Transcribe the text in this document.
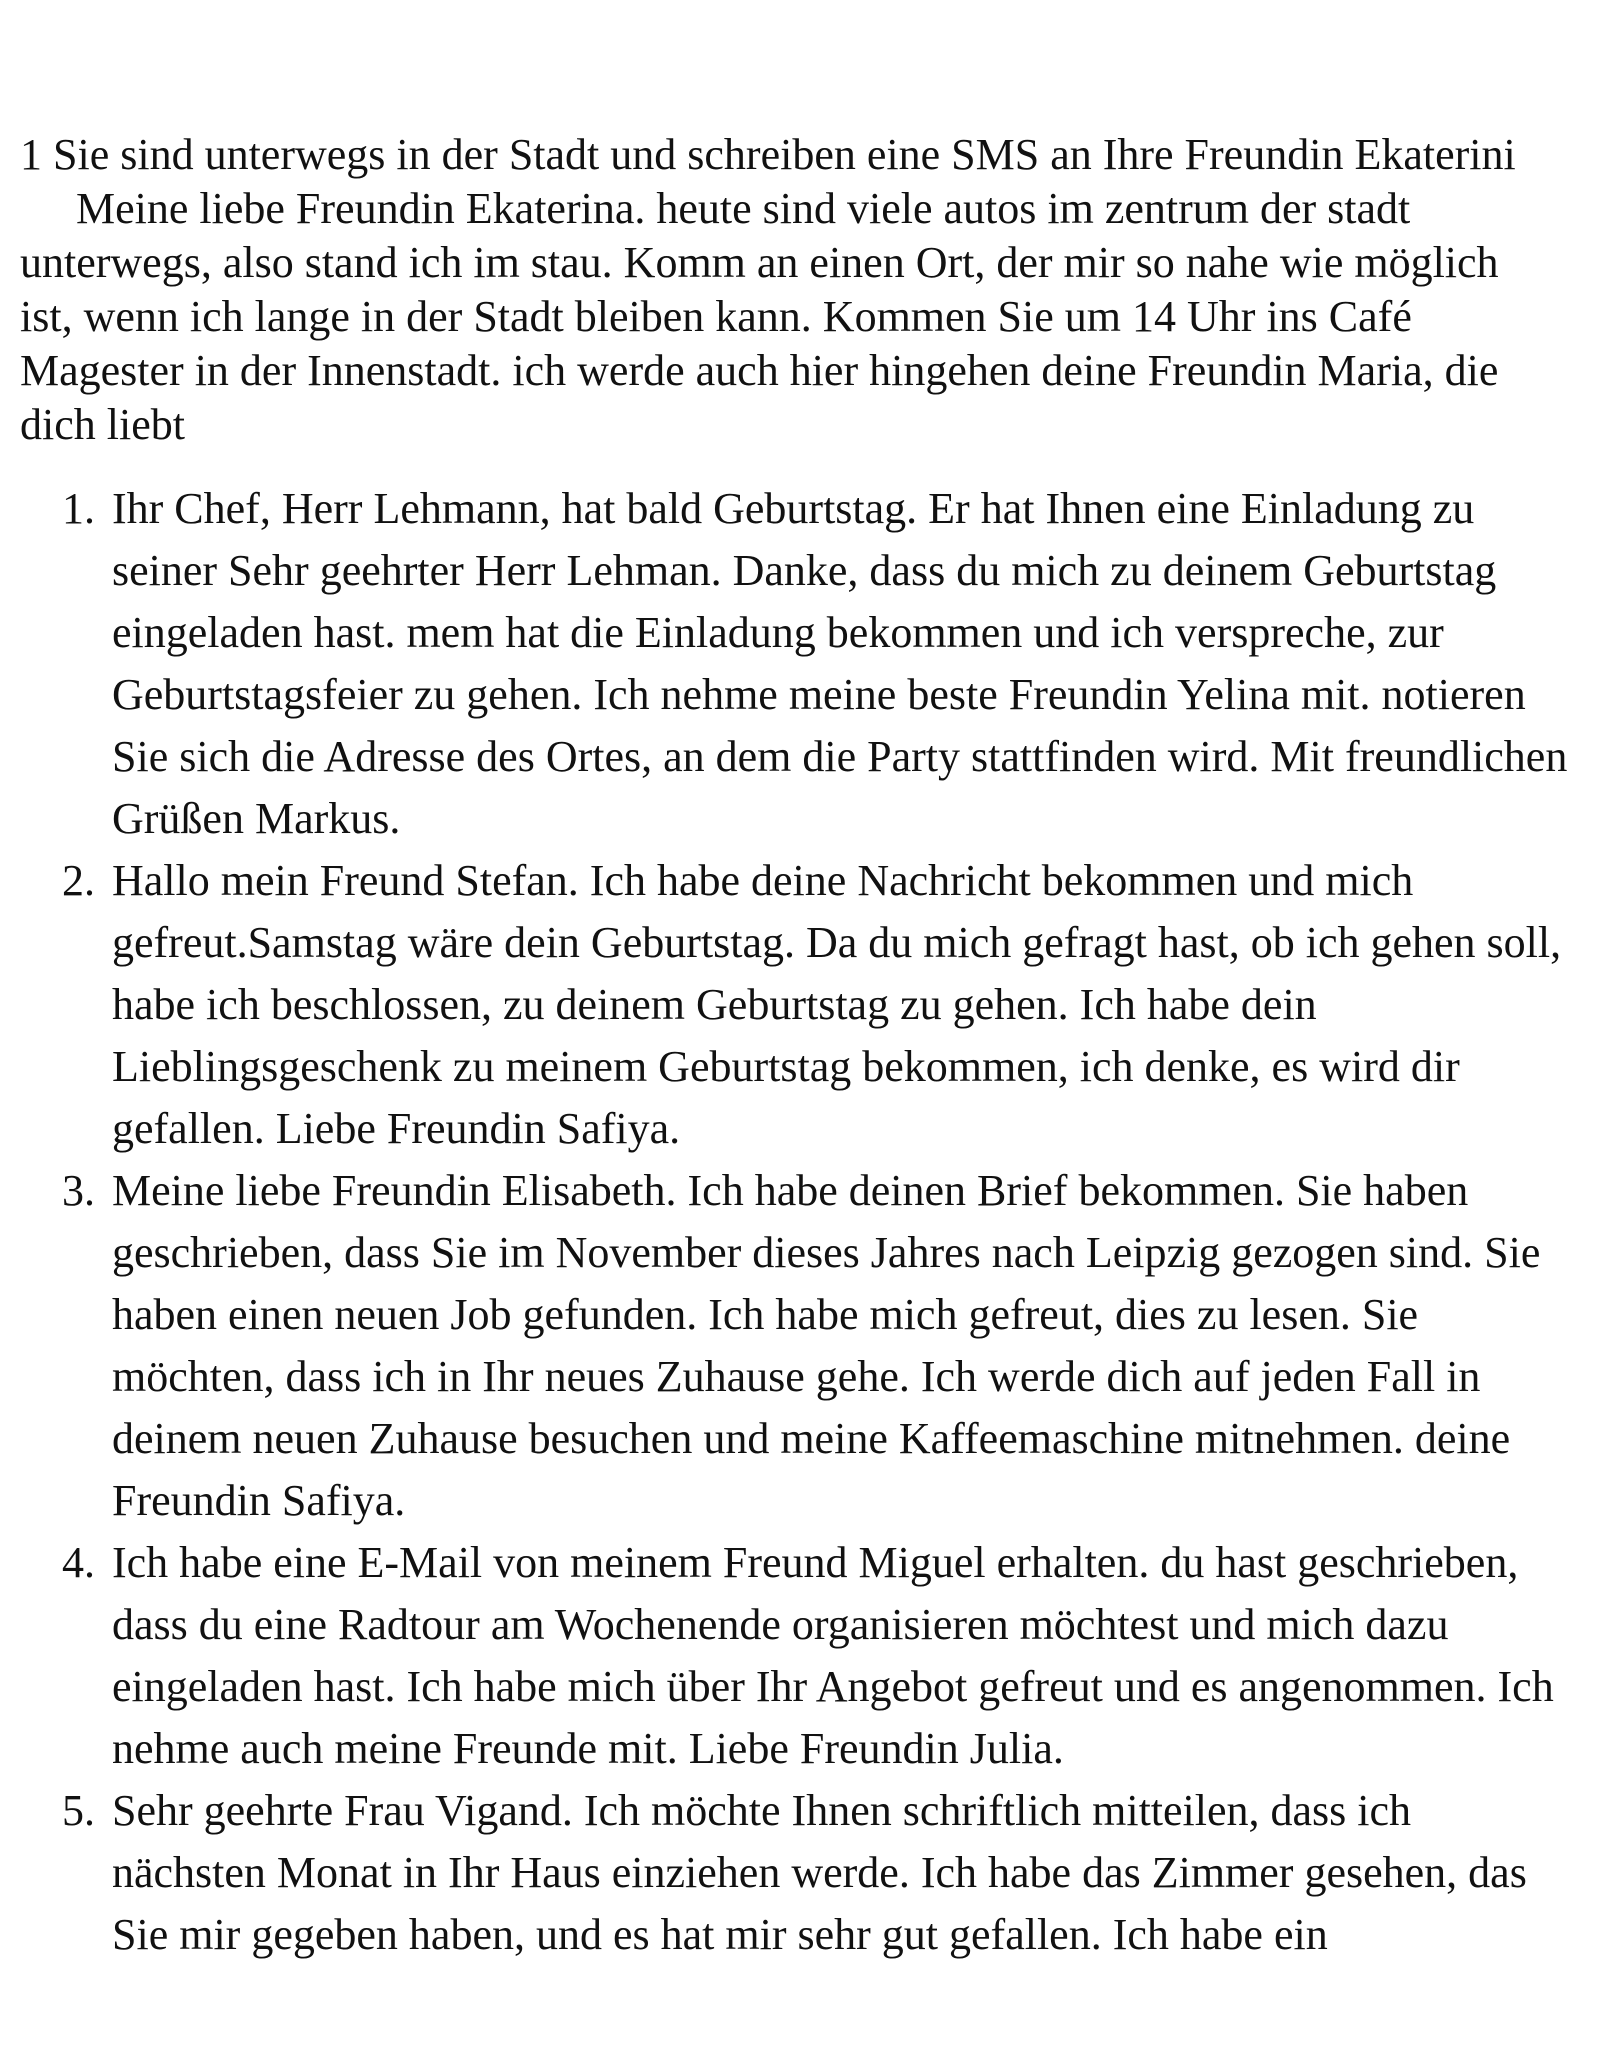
1 Sie sind unterwegs in der Stadt und schreiben eine SMS an Ihre Freundin EkateriniMeine liebe Freundin Ekaterina. heute sind viele autos im zentrum der stadt unterwegs, also stand ich im stau. Komm an einen Ort, der mir so nahe wie möglich ist, wenn ich lange in der Stadt bleiben kann. Kommen Sie um 14 Uhr ins Café Magester in der Innenstadt. ich werde auch hier hingehen deine Freundin Maria, die dich liebt

1. Ihr Chef, Herr Lehmann, hat bald Geburtstag. Er hat Ihnen eine Einladung zu seiner Sehr geehrter Herr Lehman. Danke, dass du mich zu deinem Geburtstag eingeladen hast. mem hat die Einladung bekommen und ich verspreche, zur Geburtstagsfeier zu gehen. Ich nehme meine beste Freundin Yelina mit. notieren Sie sich die Adresse des Ortes, an dem die Party stattfinden wird. Mit freundlichen Grüßen Markus.
2. Hallo mein Freund Stefan. Ich habe deine Nachricht bekommen und mich gefreut.Samstag wäre dein Geburtstag. Da du mich gefragt hast, ob ich gehen soll, habe ich beschlossen, zu deinem Geburtstag zu gehen. Ich habe dein Lieblingsgeschenk zu meinem Geburtstag bekommen, ich denke, es wird dir gefallen. Liebe Freundin Safiya.
3. Meine liebe Freundin Elisabeth. Ich habe deinen Brief bekommen. Sie haben geschrieben, dass Sie im November dieses Jahres nach Leipzig gezogen sind. Sie haben einen neuen Job gefunden. Ich habe mich gefreut, dies zu lesen. Sie möchten, dass ich in Ihr neues Zuhause gehe. Ich werde dich auf jeden Fall in deinem neuen Zuhause besuchen und meine Kaffeemaschine mitnehmen. deine Freundin Safiya.
4. Ich habe eine E-Mail von meinem Freund Miguel erhalten. du hast geschrieben, dass du eine Radtour am Wochenende organisieren möchtest und mich dazu eingeladen hast. Ich habe mich über Ihr Angebot gefreut und es angenommen. Ich nehme auch meine Freunde mit. Liebe Freundin Julia.
5. Sehr geehrte Frau Vigand. Ich möchte Ihnen schriftlich mitteilen, dass ich nächsten Monat in Ihr Haus einziehen werde. Ich habe das Zimmer gesehen, das Sie mir gegeben haben, und es hat mir sehr gut gefallen. Ich habe ein
